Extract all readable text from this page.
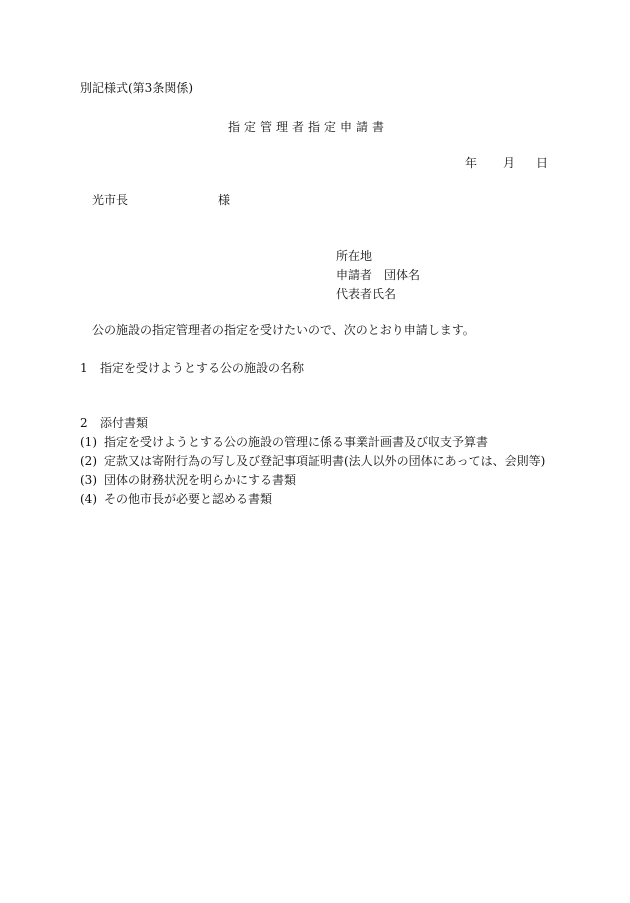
別記様式(第3条関係)
指定管理者指定申請書
年 月 日
光市長	様
所在地
申請者 団体名
代表者氏名
公の施設の指定管理者の指定を受けたいので、次のとおり申請します。
1 指定を受けようとする公の施設の名称
2 添付書類
(1) 指定を受けようとする公の施設の管理に係る事業計画書及び収支予算書
(2) 定款又は寄附行為の写し及び登記事項証明書(法人以外の団体にあっては、会則等)
(3) 団体の財務状況を明らかにする書類
(4) その他市長が必要と認める書類
